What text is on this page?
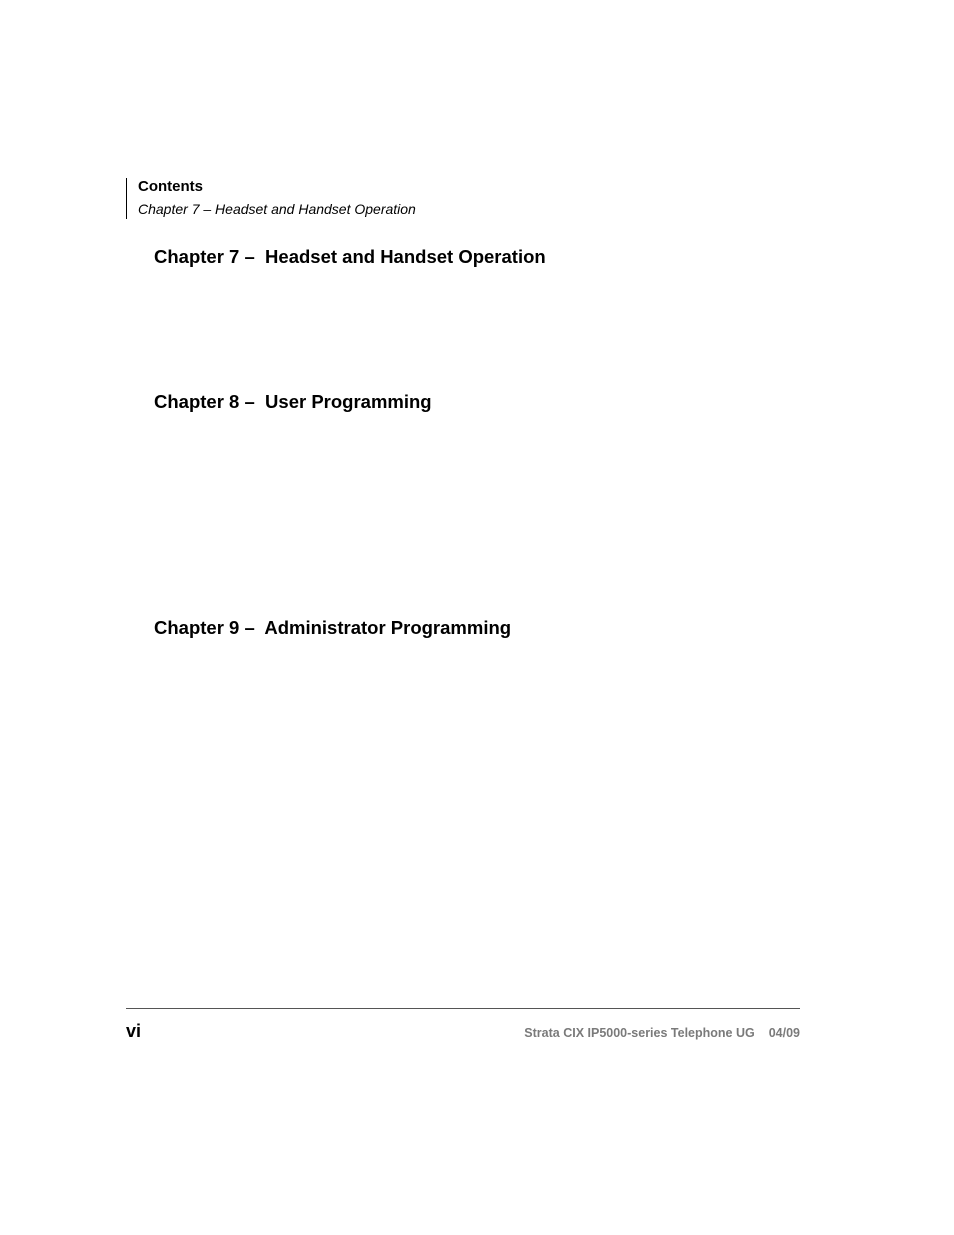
Contents
Chapter 7 – Headset and Handset Operation
Chapter 7 – Headset and Handset Operation
Chapter 8 – User Programming
Chapter 9 – Administrator Programming
vi	Strata CIX IP5000-series Telephone UG 04/09
